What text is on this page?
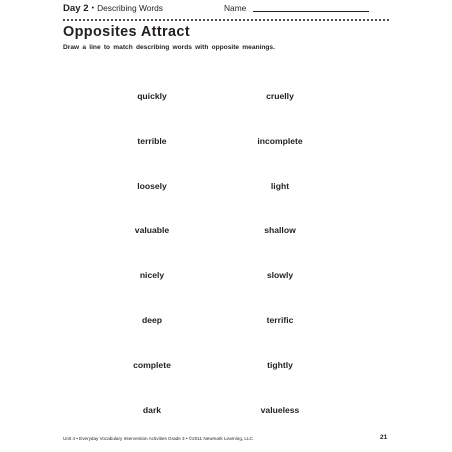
Day 2 • Describing Words	Name
Opposites Attract
Draw a line to match describing words with opposite meanings.
quickly
terrible
loosely
valuable
nicely
deep
complete
dark
cruelly
incomplete
light
shallow
slowly
terrific
tightly
valueless
Unit 4 • Everyday Vocabulary Intervention Activities Grade 3 • ©2011 Newmark Learning, LLC	21
